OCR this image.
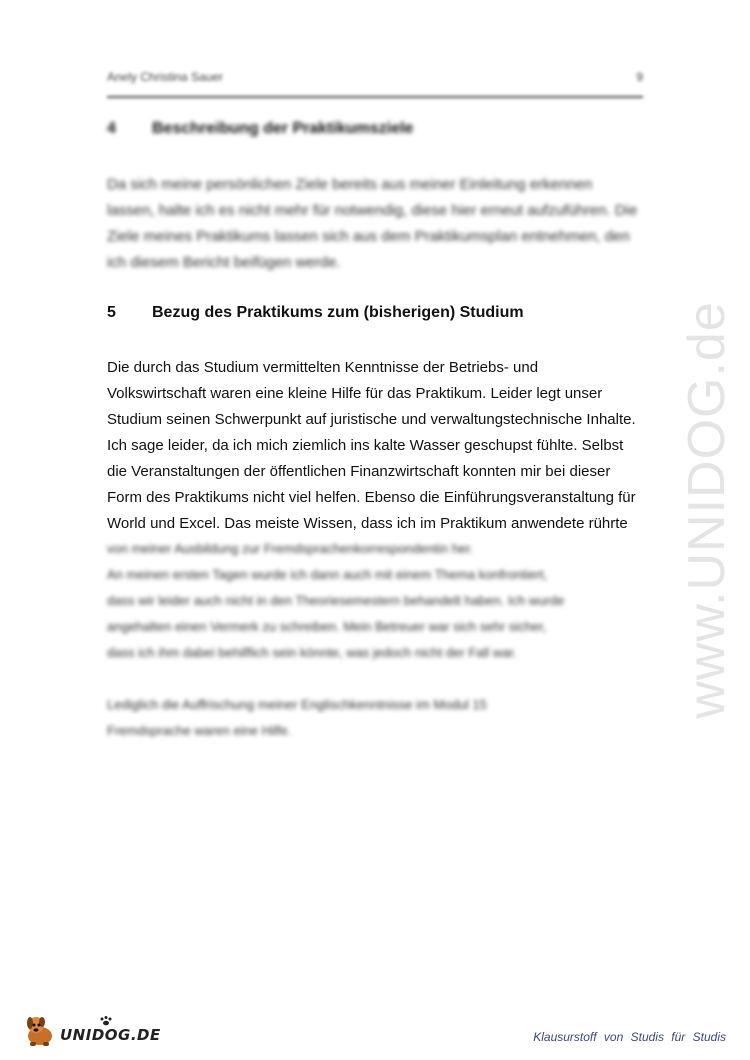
www.UNIDOG.de
Anely Christina Sauer	9
4 Beschreibung der Praktikumsziele
Da sich meine persönlichen Ziele bereits aus meiner Einleitung erkennen
lassen, halte ich es nicht mehr für notwendig, diese hier erneut aufzuführen. Die
Ziele meines Praktikums lassen sich aus dem Praktikumsplan entnehmen, den
ich diesem Bericht beifügen werde.
5 Bezug des Praktikums zum (bisherigen) Studium
Die durch das Studium vermittelten Kenntnisse der Betriebs- und
Volkswirtschaft waren eine kleine Hilfe für das Praktikum. Leider legt unser
Studium seinen Schwerpunkt auf juristische und verwaltungstechnische Inhalte.
Ich sage leider, da ich mich ziemlich ins kalte Wasser geschupst fühlte. Selbst
die Veranstaltungen der öffentlichen Finanzwirtschaft konnten mir bei dieser
Form des Praktikums nicht viel helfen. Ebenso die Einführungsveranstaltung für
World und Excel. Das meiste Wissen, dass ich im Praktikum anwendete rührte
von meiner Ausbildung zur Fremdsprachenkorrespondentin her.
An meinen ersten Tagen wurde ich dann auch mit einem Thema konfrontiert,
dass wir leider auch nicht in den Theoriesemestern behandelt haben. Ich wurde
angehalten einen Vermerk zu schreiben. Mein Betreuer war sich sehr sicher,
dass ich ihm dabei behilflich sein könnte, was jedoch nicht der Fall war.
Lediglich die Auffrischung meiner Englischkenntnisse im Modul 15
Fremdsprache waren eine Hilfe.
UNIDOG.DE	Klausurstoff von Studis für Studis
